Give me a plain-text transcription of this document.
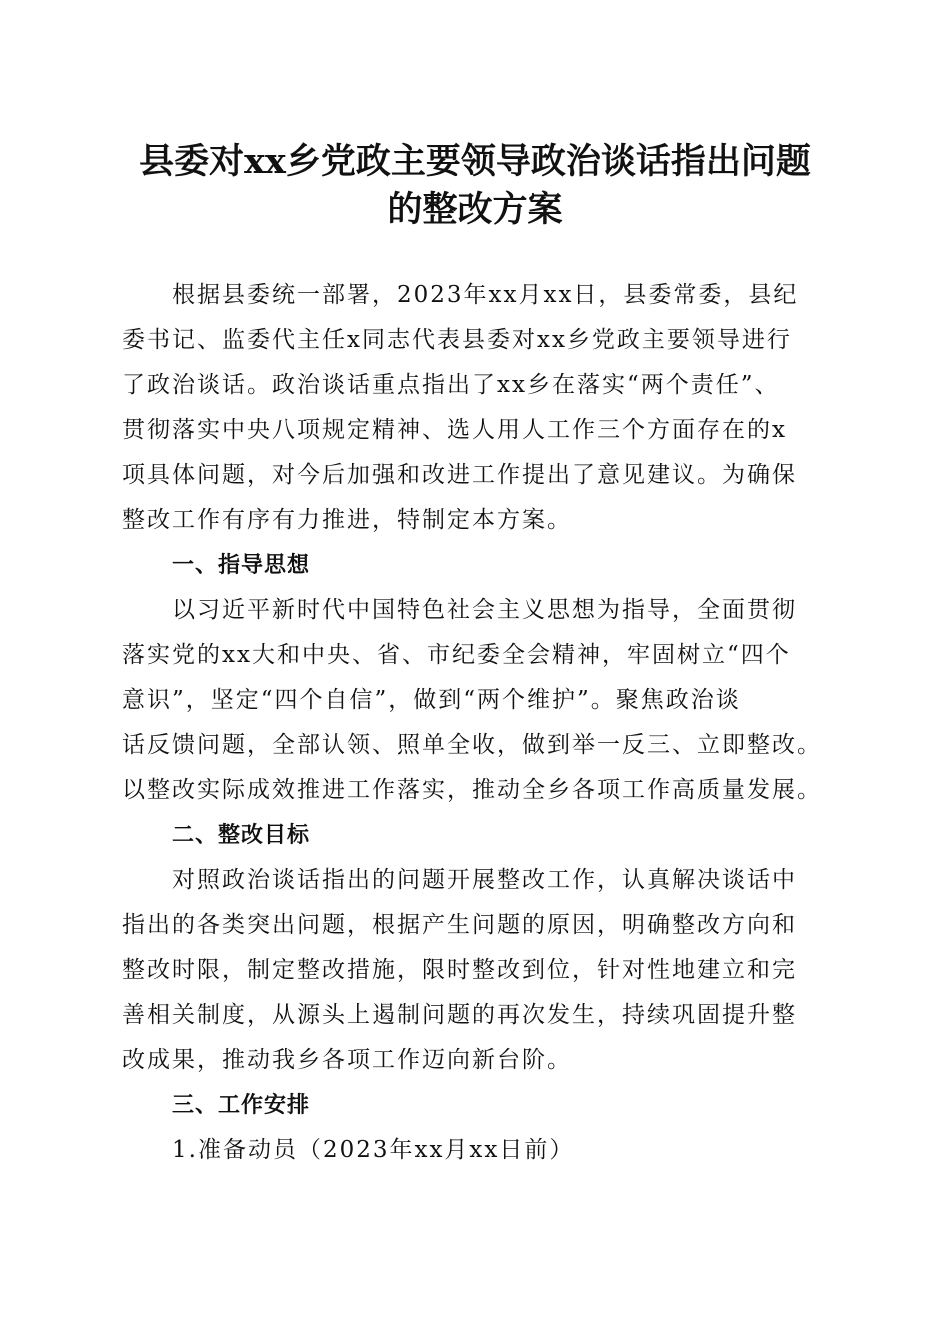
县委对xx乡党政主要领导政治谈话指出问题
的整改方案
根据县委统一部署，2023年xx月xx日，县委常委，县纪
委书记、监委代主任x同志代表县委对xx乡党政主要领导进行
了政治谈话。政治谈话重点指出了xx乡在落实“两个责任”、
贯彻落实中央八项规定精神、选人用人工作三个方面存在的x
项具体问题，对今后加强和改进工作提出了意见建议。为确保
整改工作有序有力推进，特制定本方案。
一、指导思想
以习近平新时代中国特色社会主义思想为指导，全面贯彻
落实党的xx大和中央、省、市纪委全会精神，牢固树立“四个
意识”，坚定“四个自信”，做到“两个维护”。聚焦政治谈
话反馈问题，全部认领、照单全收，做到举一反三、立即整改。
以整改实际成效推进工作落实，推动全乡各项工作高质量发展。
二、整改目标
对照政治谈话指出的问题开展整改工作，认真解决谈话中
指出的各类突出问题，根据产生问题的原因，明确整改方向和
整改时限，制定整改措施，限时整改到位，针对性地建立和完
善相关制度，从源头上遏制问题的再次发生，持续巩固提升整
改成果，推动我乡各项工作迈向新台阶。
三、工作安排
1.准备动员（2023年xx月xx日前）
